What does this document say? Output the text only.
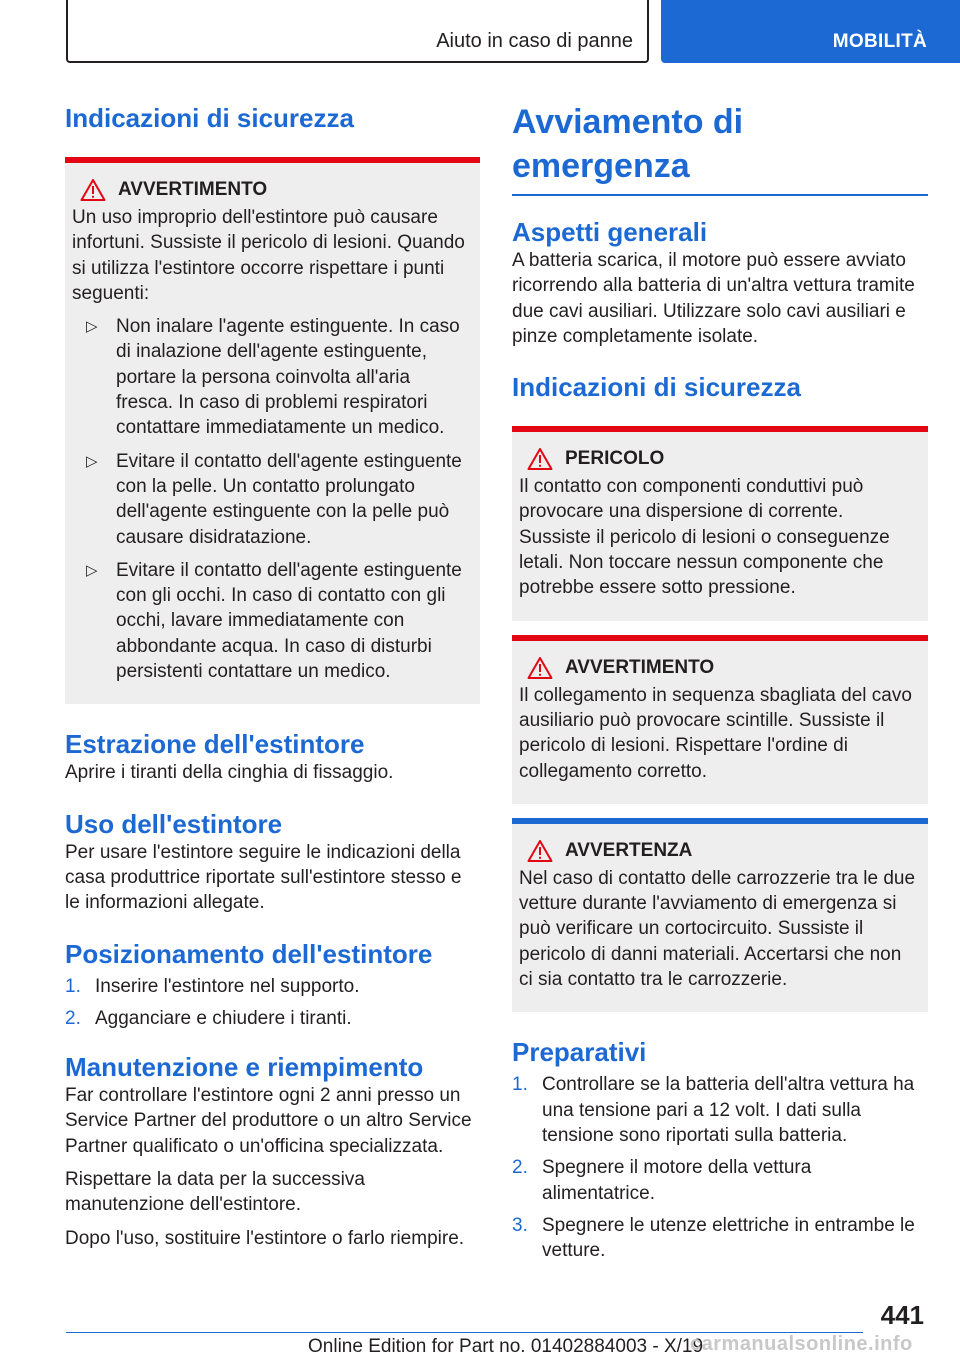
Aiuto in caso di panne	MOBILITÀ
Indicazioni di sicurezza
AVVERTIMENTO

Un uso improprio dell'estintore può causare infortuni. Sussiste il pericolo di lesioni. Quando si utilizza l'estintore occorre rispettare i punti seguenti:

▷ Non inalare l'agente estinguente. In caso di inalazione dell'agente estinguente, portare la persona coinvolta all'aria fresca. In caso di problemi respiratori contattare immediatamente un medico.
▷ Evitare il contatto dell'agente estinguente con la pelle. Un contatto prolungato dell'agente estinguente con la pelle può causare disidratazione.
▷ Evitare il contatto dell'agente estinguente con gli occhi. In caso di contatto con gli occhi, lavare immediatamente con abbondante acqua. In caso di disturbi persistenti contattare un medico.
Estrazione dell'estintore

Aprire i tiranti della cinghia di fissaggio.

Uso dell'estintore

Per usare l'estintore seguire le indicazioni della casa produttrice riportate sull'estintore stesso e le informazioni allegate.

Posizionamento dell'estintore
1. Inserire l'estintore nel supporto.
2. Agganciare e chiudere i tiranti.
Manutenzione e riempimento

Far controllare l'estintore ogni 2 anni presso un Service Partner del produttore o un altro Service Partner qualificato o un'officina specializzata.

Rispettare la data per la successiva manutenzione dell'estintore.

Dopo l'uso, sostituire l'estintore o farlo riempire.

Avviamento di emergenza
Aspetti generali

A batteria scarica, il motore può essere avviato ricorrendo alla batteria di un'altra vettura tramite due cavi ausiliari. Utilizzare solo cavi ausiliari e pinze completamente isolate.

Indicazioni di sicurezza
PERICOLO

Il contatto con componenti conduttivi può provocare una dispersione di corrente. Sussiste il pericolo di lesioni o conseguenze letali. Non toccare nessun componente che potrebbe essere sotto pressione.

AVVERTIMENTO

Il collegamento in sequenza sbagliata del cavo ausiliario può provocare scintille. Sussiste il pericolo di lesioni. Rispettare l'ordine di collegamento corretto.

AVVERTENZA

Nel caso di contatto delle carrozzerie tra le due vetture durante l'avviamento di emergenza si può verificare un cortocircuito. Sussiste il pericolo di danni materiali. Accertarsi che non ci sia contatto tra le carrozzerie.

Preparativi
1. Controllare se la batteria dell'altra vettura ha una tensione pari a 12 volt. I dati sulla tensione sono riportati sulla batteria.
2. Spegnere il motore della vettura alimentatrice.
3. Spegnere le utenze elettriche in entrambe le vetture.
441
Online Edition for Part no. 01402884003 - X/19
carmanualsonline.info
